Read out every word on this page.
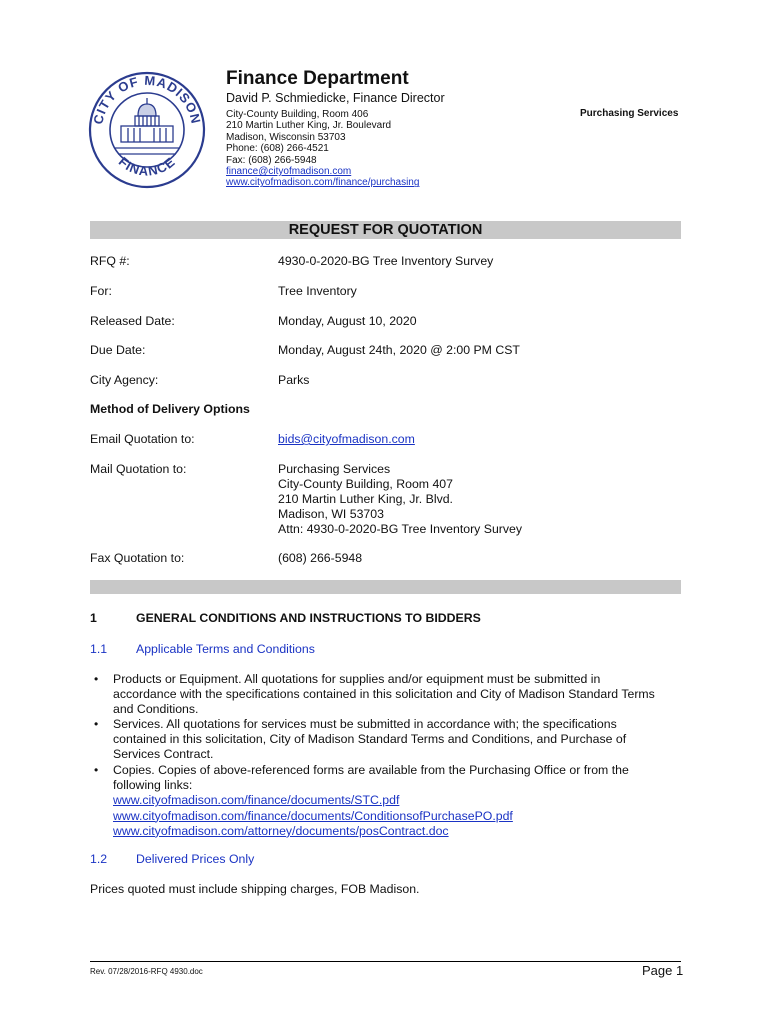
CITY OF MADISON
FINANCE
Finance Department
David P. Schmiedicke, Finance Director
City-County Building, Room 406
210 Martin Luther King, Jr. Boulevard
Madison, Wisconsin 53703
Phone: (608) 266-4521
Fax: (608) 266-5948
finance@cityofmadison.com
www.cityofmadison.com/finance/purchasing
Purchasing Services
REQUEST FOR QUOTATION
RFQ #:	4930-0-2020-BG Tree Inventory Survey
For:	Tree Inventory
Released Date:	Monday, August 10, 2020
Due Date:	Monday, August 24th, 2020 @ 2:00 PM CST
City Agency:	Parks
Method of Delivery Options
Email Quotation to:	bids@cityofmadison.com
Mail Quotation to:	Purchasing Services
City-County Building, Room 407
210 Martin Luther King, Jr. Blvd.
Madison, WI 53703
Attn: 4930-0-2020-BG Tree Inventory Survey
Fax Quotation to:	(608) 266-5948
1	GENERAL CONDITIONS AND INSTRUCTIONS TO BIDDERS
1.1 Applicable Terms and Conditions
• Products or Equipment. All quotations for supplies and/or equipment must be submitted in accordance with the specifications contained in this solicitation and City of Madison Standard Terms and Conditions.
• Services. All quotations for services must be submitted in accordance with; the specifications contained in this solicitation, City of Madison Standard Terms and Conditions, and Purchase of Services Contract.
• Copies. Copies of above-referenced forms are available from the Purchasing Office or from the following links:
www.cityofmadison.com/finance/documents/STC.pdf
www.cityofmadison.com/finance/documents/ConditionsofPurchasePO.pdf
www.cityofmadison.com/attorney/documents/posContract.doc
1.2 Delivered Prices Only
Prices quoted must include shipping charges, FOB Madison.
Rev. 07/28/2016-RFQ 4930.doc	Page 1
